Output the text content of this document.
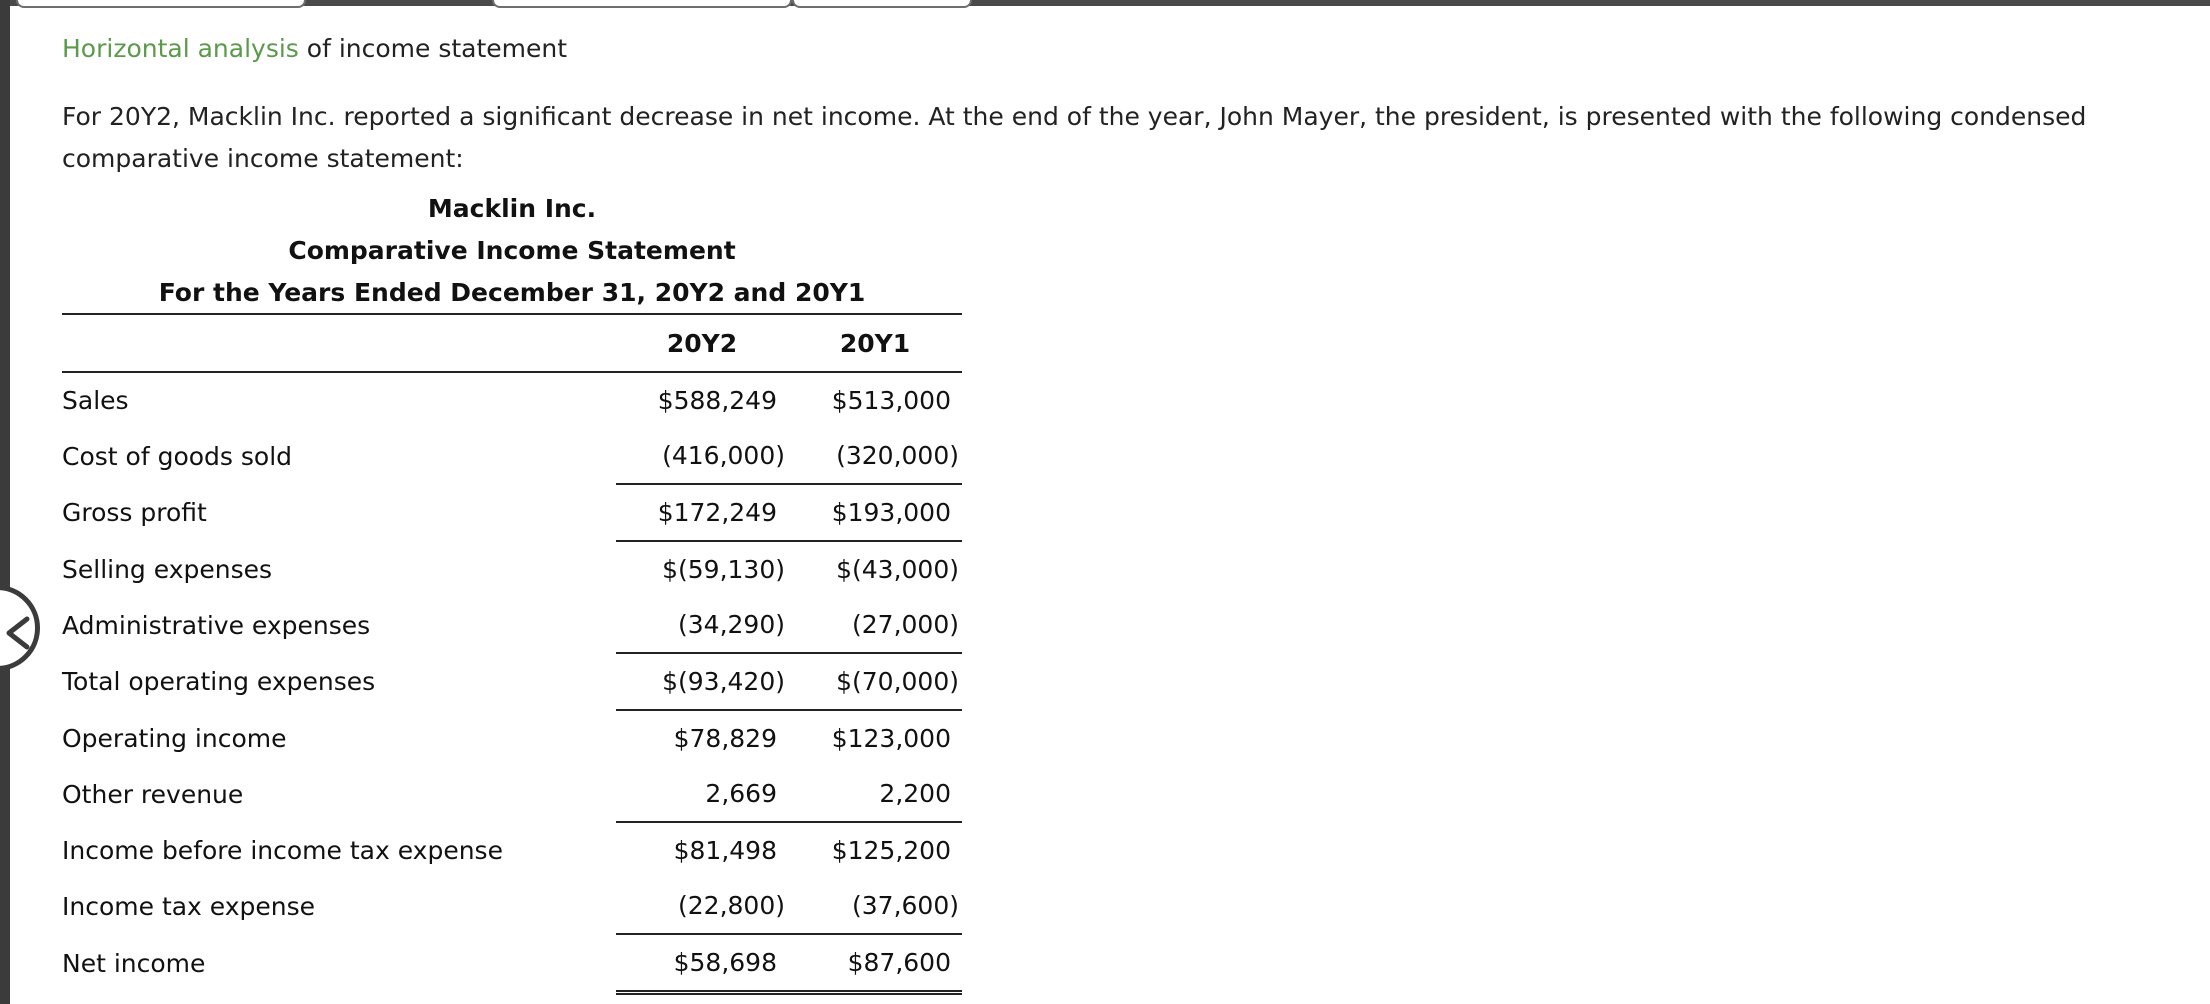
Horizontal analysis of income statement
For 20Y2, Macklin Inc. reported a significant decrease in net income. At the end of the year, John Mayer, the president, is presented with the following condensed comparative income statement:
Macklin Inc.
Comparative Income Statement
For the Years Ended December 31, 20Y2 and 20Y1
	20Y2	20Y1
Sales	$588,249	$513,000
Cost of goods sold	(416,000)	(320,000)
Gross profit	$172,249	$193,000
Selling expenses	$(59,130)	$(43,000)
Administrative expenses	(34,290)	(27,000)
Total operating expenses	$(93,420)	$(70,000)
Operating income	$78,829	$123,000
Other revenue	2,669	2,200
Income before income tax expense	$81,498	$125,200
Income tax expense	(22,800)	(37,600)
Net income	$58,698	$87,600
